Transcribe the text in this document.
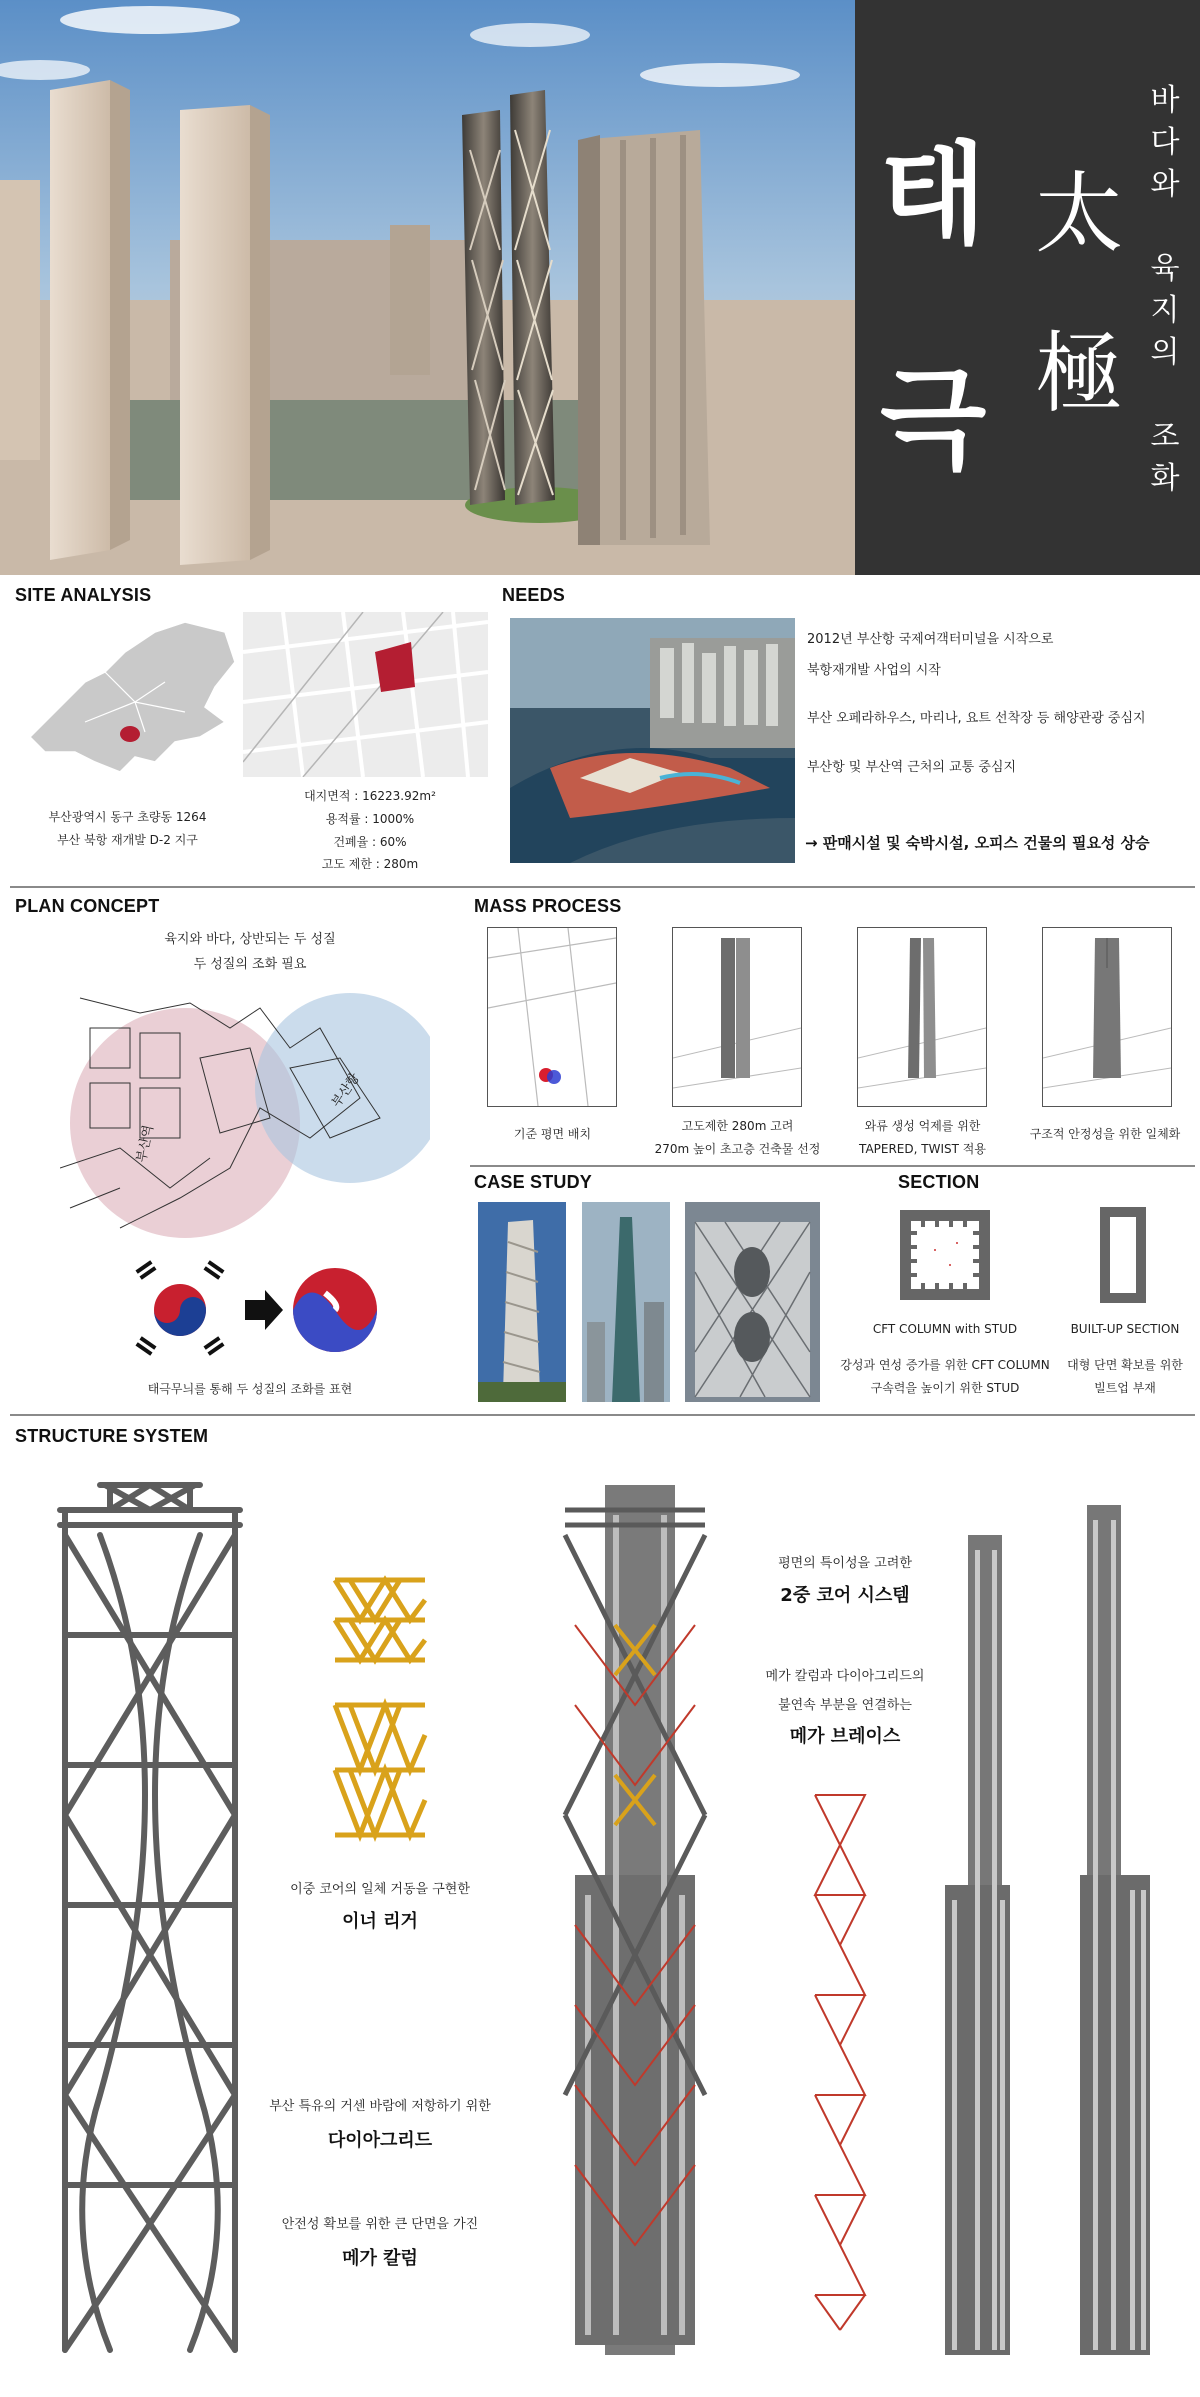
태
극
太
極
바
다
와
육
지
의
조
화
SITE ANALYSIS
부산광역시 동구 초량동 1264
부산 북항 재개발 D-2 지구
대지면적 : 16223.92m²
용적률 : 1000%
건폐율 : 60%
고도 제한 : 280m
NEEDS
2012년 부산항 국제여객터미널을 시작으로
북항재개발 사업의 시작
부산 오페라하우스, 마리나, 요트 선착장 등 해양관광 중심지
부산항 및 부산역 근처의 교통 중심지
→ 판매시설 및 숙박시설, 오피스 건물의 필요성 상승
PLAN CONCEPT
육지와 바다, 상반되는 두 성질
두 성질의 조화 필요
부산역
부산항
태극무늬를 통해 두 성질의 조화를 표현
MASS PROCESS
기준 평면 배치
고도제한 280m 고려
270m 높이 초고층 건축물 선정
와류 생성 억제를 위한
TAPERED, TWIST 적용
구조적 안정성을 위한 일체화
CASE STUDY	SECTION
CFT COLUMN with STUD	BUILT-UP SECTION
강성과 연성 증가를 위한 CFT COLUMN
구속력을 높이기 위한 STUD
대형 단면 확보를 위한
빌트업 부재
STRUCTURE SYSTEM
평면의 특이성을 고려한
2중 코어 시스템
메가 칼럼과 다이아그리드의
불연속 부분을 연결하는
메가 브레이스
이중 코어의 일체 거동을 구현한
이너 리거
부산 특유의 거센 바람에 저항하기 위한
다이아그리드
안전성 확보를 위한 큰 단면을 가진
메가 칼럼
